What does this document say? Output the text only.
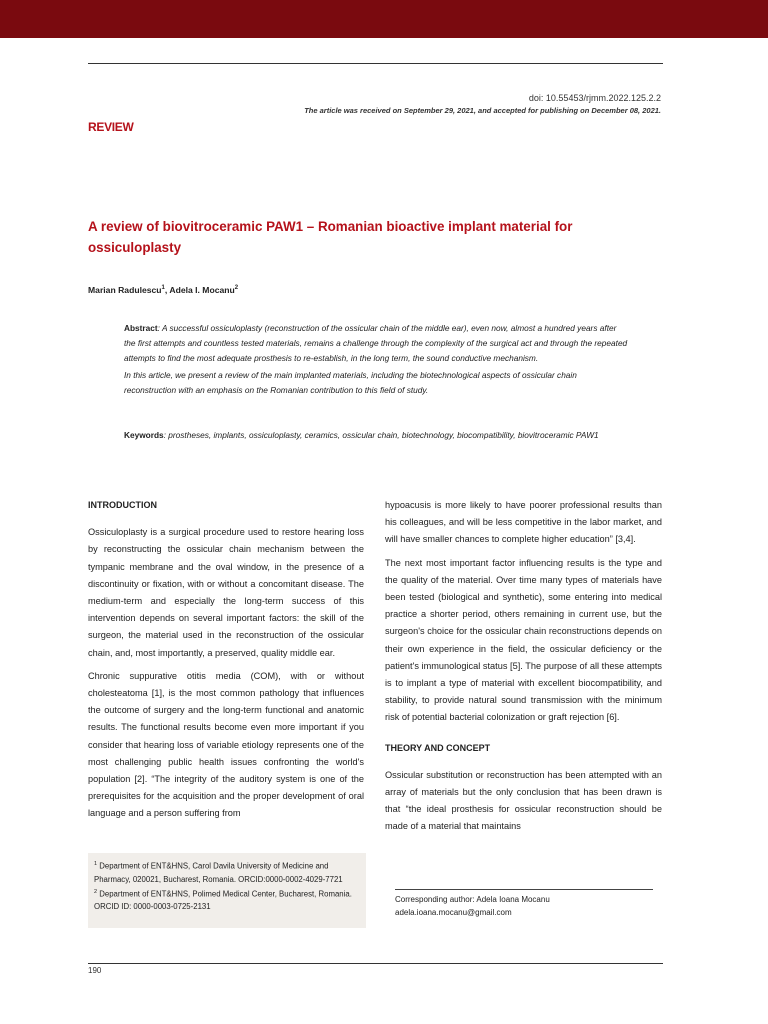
doi: 10.55453/rjmm.2022.125.2.2
The article was received on September 29, 2021, and accepted for publishing on December 08, 2021.
REVIEW
A review of biovitroceramic PAW1 – Romanian bioactive implant material for ossiculoplasty
Marian Radulescu$^1$, Adela I. Mocanu$^2$

Abstract: A successful ossiculoplasty (reconstruction of the ossicular chain of the middle ear), even now, almost a hundred years after the first attempts and countless tested materials, remains a challenge through the complexity of the surgical act and through the repeated attempts to find the most adequate prosthesis to re-establish, in the long term, the sound conductive mechanism.

In this article, we present a review of the main implanted materials, including the biotechnological aspects of ossicular chain reconstruction with an emphasis on the Romanian contribution to this field of study.

Keywords: prostheses, implants, ossiculoplasty, ceramics, ossicular chain, biotechnology, biocompatibility, biovitroceramic PAW1
INTRODUCTION

Ossiculoplasty is a surgical procedure used to restore hearing loss by reconstructing the ossicular chain mechanism between the tympanic membrane and the oval window, in the presence of a discontinuity or fixation, with or without a concomitant disease. The medium-term and especially the long-term success of this intervention depends on several important factors: the skill of the surgeon, the material used in the reconstruction of the ossicular chain, and, most importantly, a preserved, quality middle ear.

Chronic suppurative otitis media (COM), with or without cholesteatoma [1], is the most common pathology that influences the outcome of surgery and the long-term functional and anatomic results. The functional results become even more important if you consider that hearing loss of variable etiology represents one of the most challenging public health issues confronting the world's population [2]. “The integrity of the auditory system is one of the prerequisites for the acquisition and the proper development of oral language and a person suffering from

hypoacusis is more likely to have poorer professional results than his colleagues, and will be less competitive in the labor market, and will have smaller chances to complete higher education” [3,4].

The next most important factor influencing results is the type and the quality of the material. Over time many types of materials have been tested (biological and synthetic), some entering into medical practice a shorter period, others remaining in current use, but the surgeon's choice for the ossicular chain reconstructions depends on their own experience in the field, the ossicular deficiency or the patient's immunological status [5]. The purpose of all these attempts is to implant a type of material with excellent biocompatibility, and stability, to provide natural sound transmission with the minimum risk of potential bacterial colonization or graft rejection [6].

THEORY AND CONCEPT

Ossicular substitution or reconstruction has been attempted with an array of materials but the only conclusion that has been drawn is that “the ideal prosthesis for ossicular reconstruction should be made of a material that maintains

$^1$ Department of ENT&HNS, Carol Davila University of Medicine and Pharmacy, 020021, Bucharest, Romania. ORCID:0000-0002-4029-7721

$^2$ Department of ENT&HNS, Polimed Medical Center, Bucharest, Romania. ORCID ID: 0000-0003-0725-2131

Corresponding author: Adela Ioana Mocanu
adela.ioana.mocanu@gmail.com
190
